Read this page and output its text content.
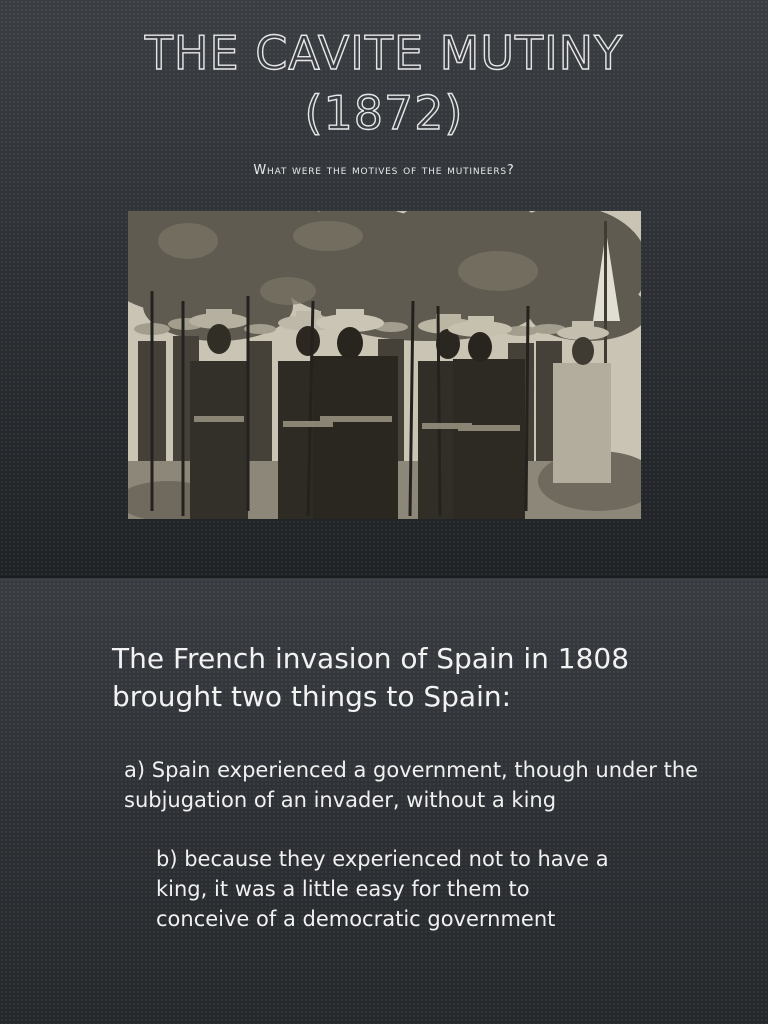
THE CAVITE MUTINY
(1872)
What were the motives of the mutineers?

The French invasion of Spain in 1808 brought two things to Spain:

a) Spain experienced a government, though under the subjugation of an invader, without a king

b) because they experienced not to have a king, it was a little easy for them to conceive of a democratic government
